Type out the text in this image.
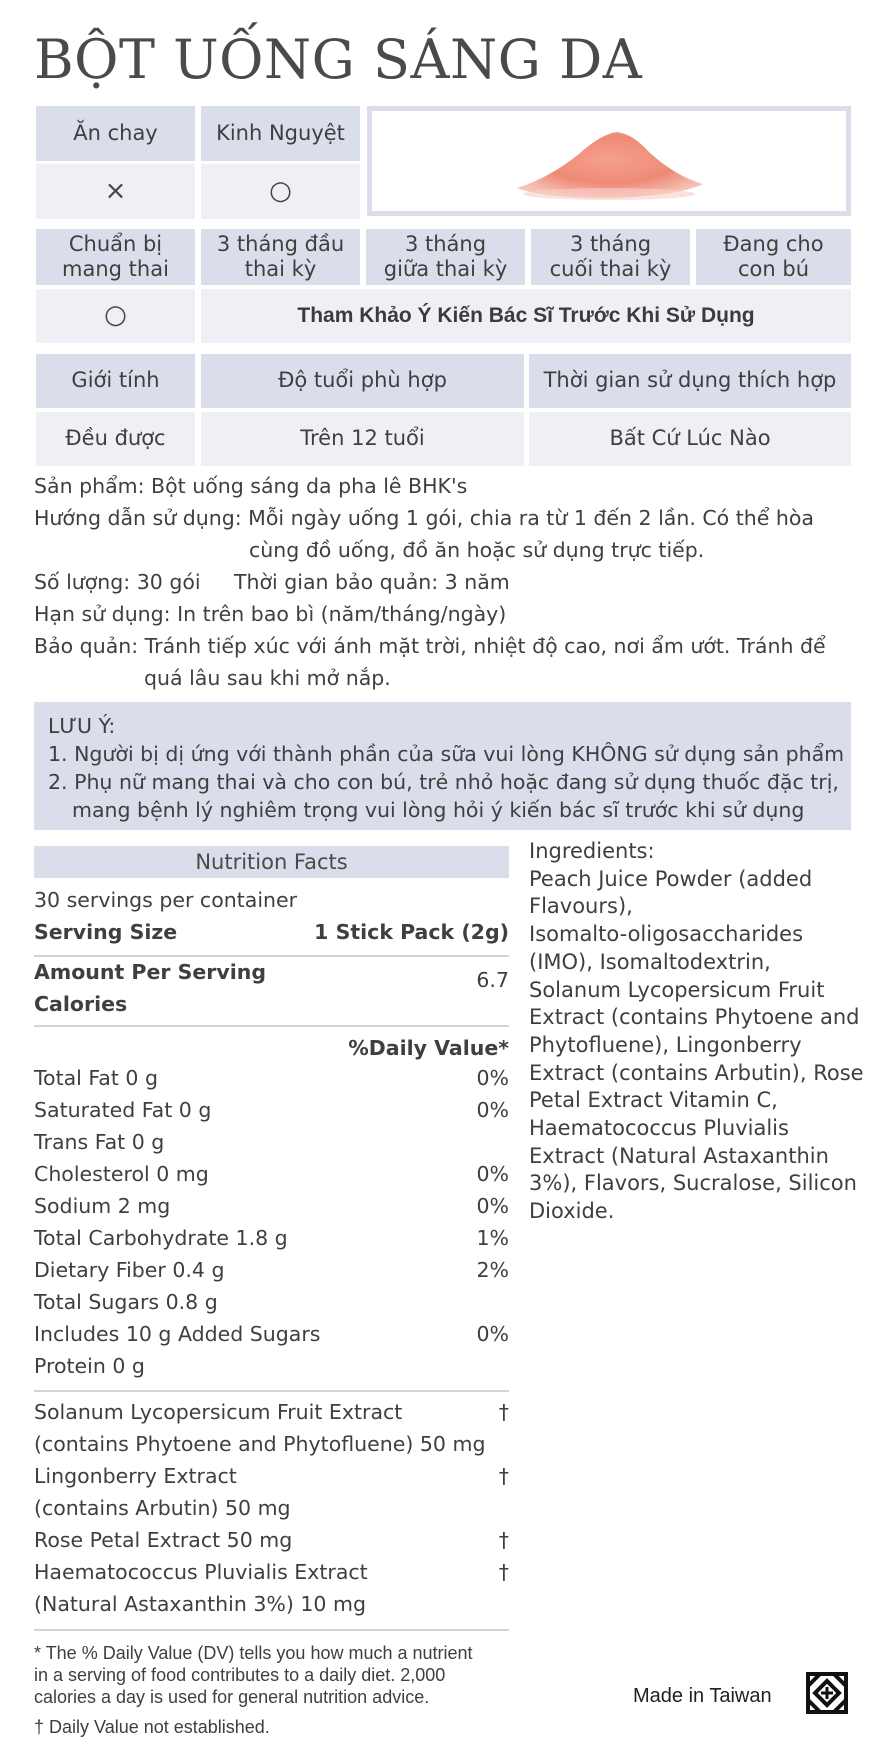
BỘT UỐNG SÁNG DA
Ăn chay	Kinh Nguyệt
×	○
Chuẩn bị mang thai
3 tháng đầu thai kỳ
3 tháng giữa thai kỳ
3 tháng cuối thai kỳ
Đang cho con bú
○	Tham Khảo Ý Kiến Bác Sĩ Trước Khi Sử Dụng
Giới tính	Độ tuổi phù hợp	Thời gian sử dụng thích hợp
Đều được	Trên 12 tuổi	Bất Cứ Lúc Nào
Sản phẩm: Bột uống sáng da pha lê BHK's
Hướng dẫn sử dụng: Mỗi ngày uống 1 gói, chia ra từ 1 đến 2 lần. Có thể hòa
cùng đồ uống, đồ ăn hoặc sử dụng trực tiếp.
Số lượng: 30 gói Thời gian bảo quản: 3 năm
Hạn sử dụng: In trên bao bì (năm/tháng/ngày)
Bảo quản: Tránh tiếp xúc với ánh mặt trời, nhiệt độ cao, nơi ẩm ướt. Tránh để
quá lâu sau khi mở nắp.
LƯU Ý:
1. Người bị dị ứng với thành phần của sữa vui lòng KHÔNG sử dụng sản phẩm
2. Phụ nữ mang thai và cho con bú, trẻ nhỏ hoặc đang sử dụng thuốc đặc trị,
mang bệnh lý nghiêm trọng vui lòng hỏi ý kiến bác sĩ trước khi sử dụng
Nutrition Facts
30 servings per container
Serving Size	1 Stick Pack (2g)
Amount Per Serving
Calories
6.7
%Daily Value*
Total Fat 0 g	0%
Saturated Fat 0 g	0%
Trans Fat 0 g
Cholesterol 0 mg	0%
Sodium 2 mg	0%
Total Carbohydrate 1.8 g	1%
Dietary Fiber 0.4 g	2%
Total Sugars 0.8 g
Includes 10 g Added Sugars	0%
Protein 0 g
Solanum Lycopersicum Fruit Extract	†
(contains Phytoene and Phytofluene) 50 mg
Lingonberry Extract	†
(contains Arbutin) 50 mg
Rose Petal Extract 50 mg	†
Haematococcus Pluvialis Extract	†
(Natural Astaxanthin 3%) 10 mg
Ingredients:
Peach Juice Powder (added
Flavours),
Isomalto-oligosaccharides
(IMO), Isomaltodextrin,
Solanum Lycopersicum Fruit
Extract (contains Phytoene and
Phytofluene), Lingonberry
Extract (contains Arbutin), Rose
Petal Extract Vitamin C,
Haematococcus Pluvialis
Extract (Natural Astaxanthin
3%), Flavors, Sucralose, Silicon
Dioxide.
* The % Daily Value (DV) tells you how much a nutrient
in a serving of food contributes to a daily diet. 2,000
calories a day is used for general nutrition advice.
† Daily Value not established.
Made in Taiwan
